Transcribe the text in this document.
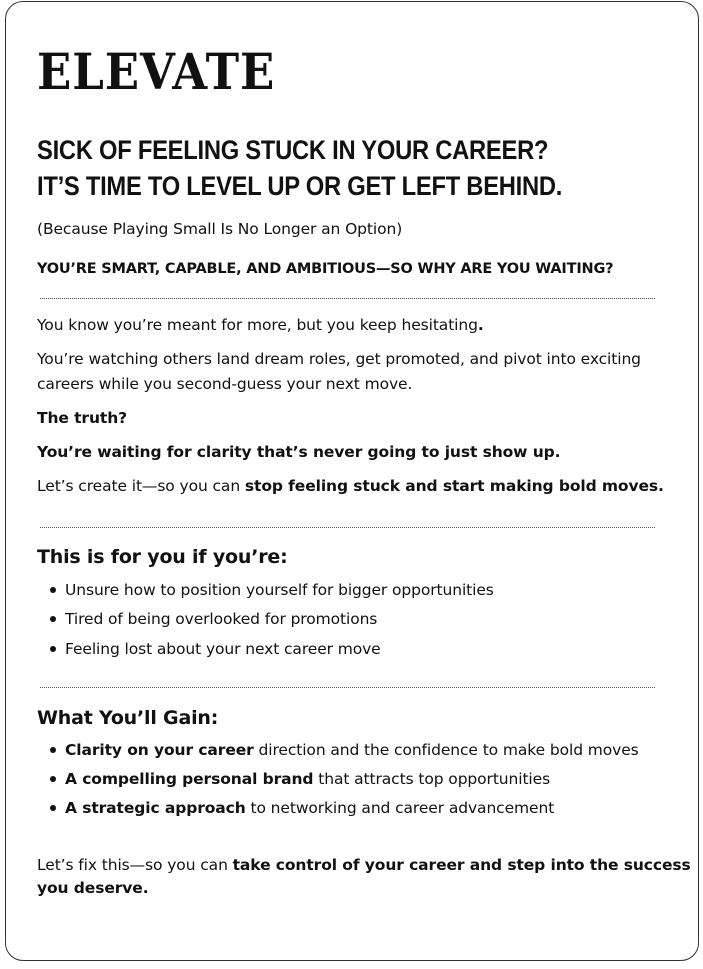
ELEVATE
SICK OF FEELING STUCK IN YOUR CAREER?
IT’S TIME TO LEVEL UP OR GET LEFT BEHIND.
(Because Playing Small Is No Longer an Option)
YOU’RE SMART, CAPABLE, AND AMBITIOUS—SO WHY ARE YOU WAITING?
You know you’re meant for more, but you keep hesitating.
You’re watching others land dream roles, get promoted, and pivot into exciting
careers while you second-guess your next move.
The truth?
You’re waiting for clarity that’s never going to just show up.
Let’s create it—so you can stop feeling stuck and start making bold moves.
This is for you if you’re:
Unsure how to position yourself for bigger opportunities
Tired of being overlooked for promotions
Feeling lost about your next career move
What You’ll Gain:
Clarity on your career direction and the confidence to make bold moves
A compelling personal brand that attracts top opportunities
A strategic approach to networking and career advancement
Let’s fix this—so you can take control of your career and step into the success
you deserve.
